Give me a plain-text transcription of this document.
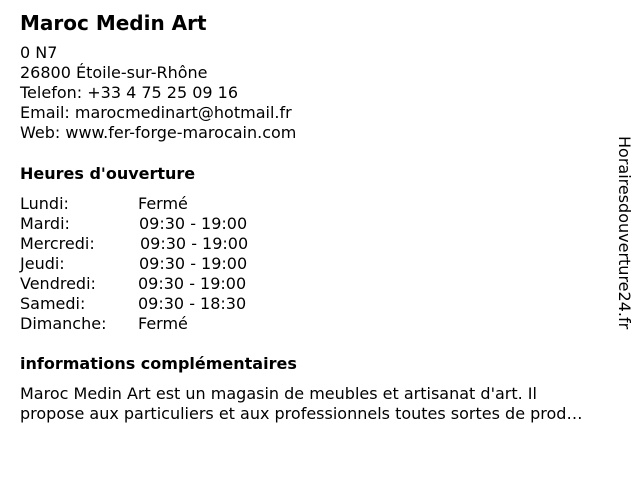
Maroc Medin Art
0 N7
26800 Étoile-sur-Rhône
Telefon: +33 4 75 25 09 16
Email: marocmedinart@hotmail.fr
Web: www.fer-forge-marocain.com
Heures d'ouverture
Lundi:	Fermé
Mardi:	09:30 - 19:00
Mercredi:	09:30 - 19:00
Jeudi:	09:30 - 19:00
Vendredi:	09:30 - 19:00
Samedi:	09:30 - 18:30
Dimanche: Fermé
informations complémentaires
Maroc Medin Art est un magasin de meubles et artisanat d'art. Il
propose aux particuliers et aux professionnels toutes sortes de prod…
Horairesdouverture24.fr
